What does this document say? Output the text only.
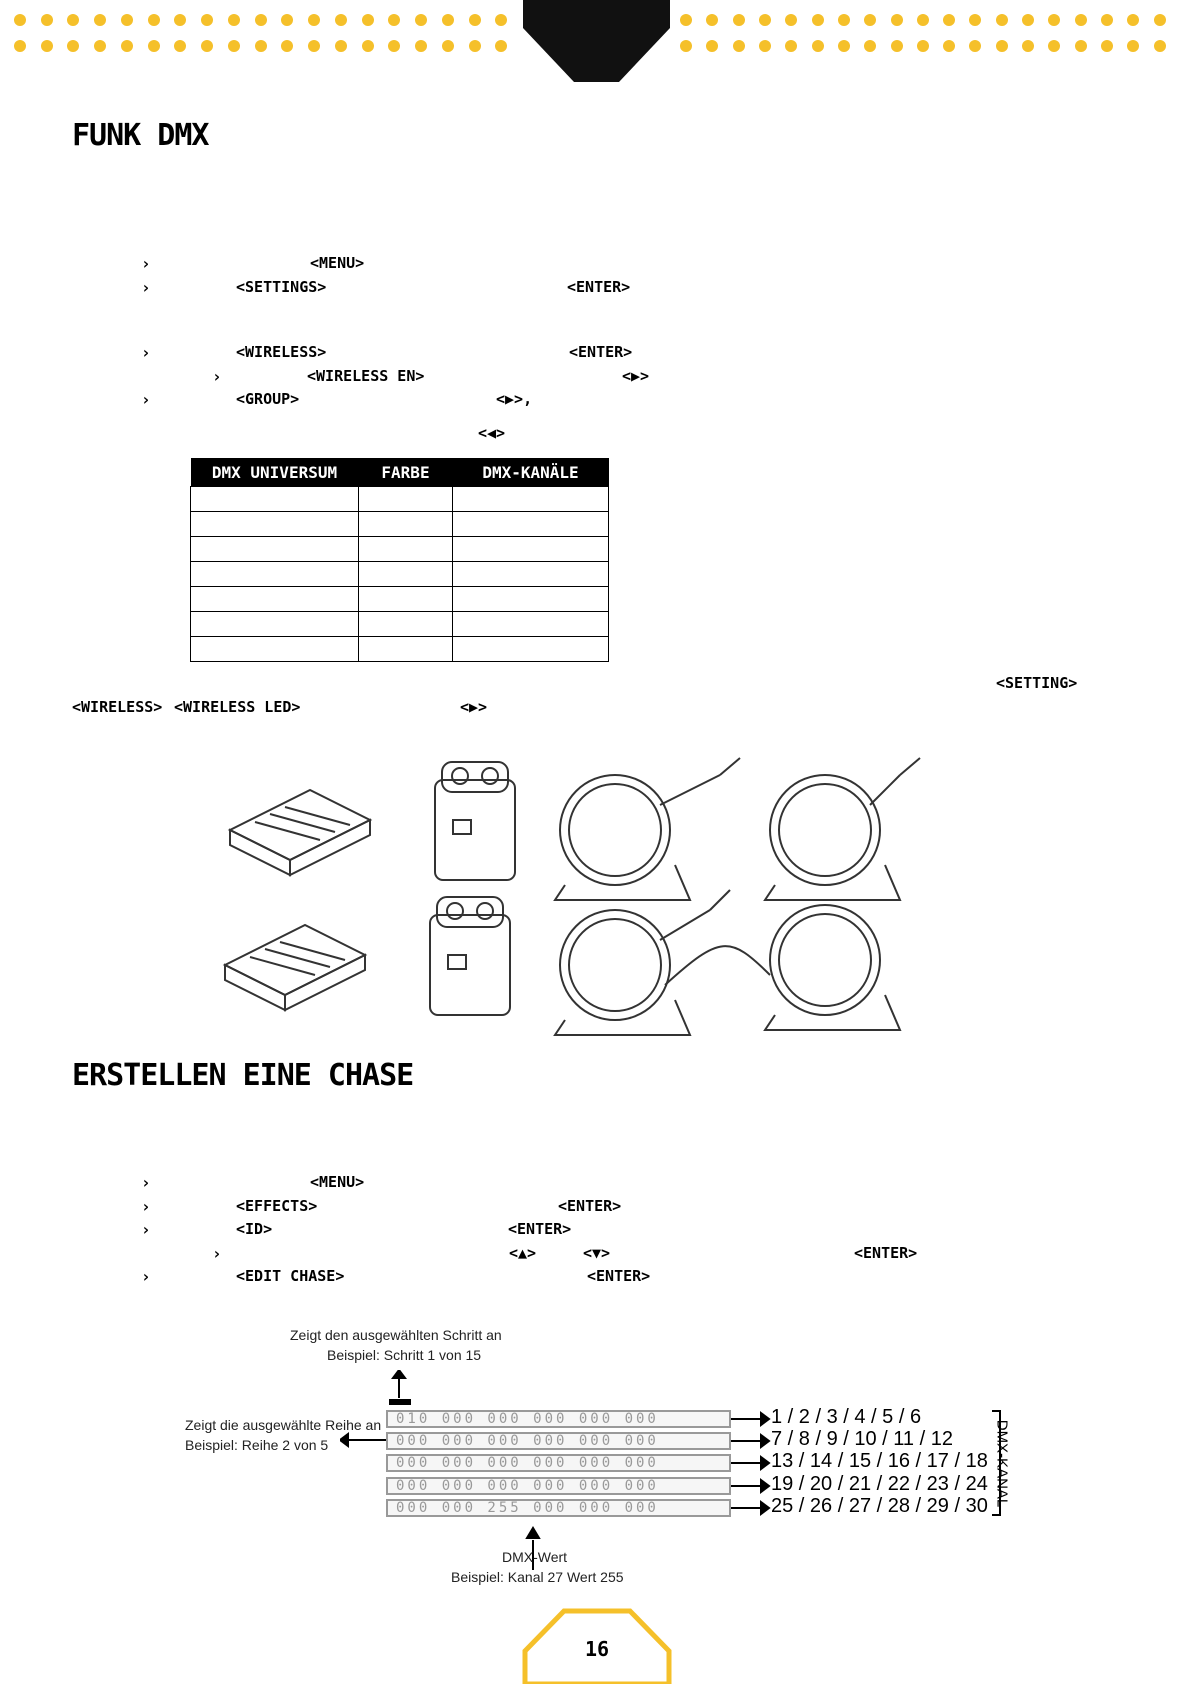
FUNK DMX
›	<MENU>
›	<SETTINGS>	<ENTER>
›	<WIRELESS>	<ENTER>
›	<WIRELESS EN>	<▶>
›	<GROUP>	<▶>,
<◀>
DMX UNIVERSUM	FARBE	DMX-KANÄLE

<SETTING>
<WIRELESS> <WIRELESS LED>	<▶>
ERSTELLEN EINE CHASE
›	<MENU>
›	<EFFECTS>	<ENTER>
›	<ID>	<ENTER>
›	<▲>	<▼>	<ENTER>
›	<EDIT CHASE>	<ENTER>
Zeigt den ausgewählten Schritt an
Beispiel: Schritt 1 von 15
Zeigt die ausgewählte Reihe an
Beispiel: Reihe 2 von 5
010 000 000 000 000 000
000 000 000 000 000 000
000 000 000 000 000 000
000 000 000 000 000 000
000 000 255 000 000 000
1 / 2 / 3 / 4 / 5 / 6
7 / 8 / 9 / 10 / 11 / 12
13 / 14 / 15 / 16 / 17 / 18
19 / 20 / 21 / 22 / 23 / 24
25 / 26 / 27 / 28 / 29 / 30 DMX-KANAL
DMX-Wert
Beispiel: Kanal 27 Wert 255
16
